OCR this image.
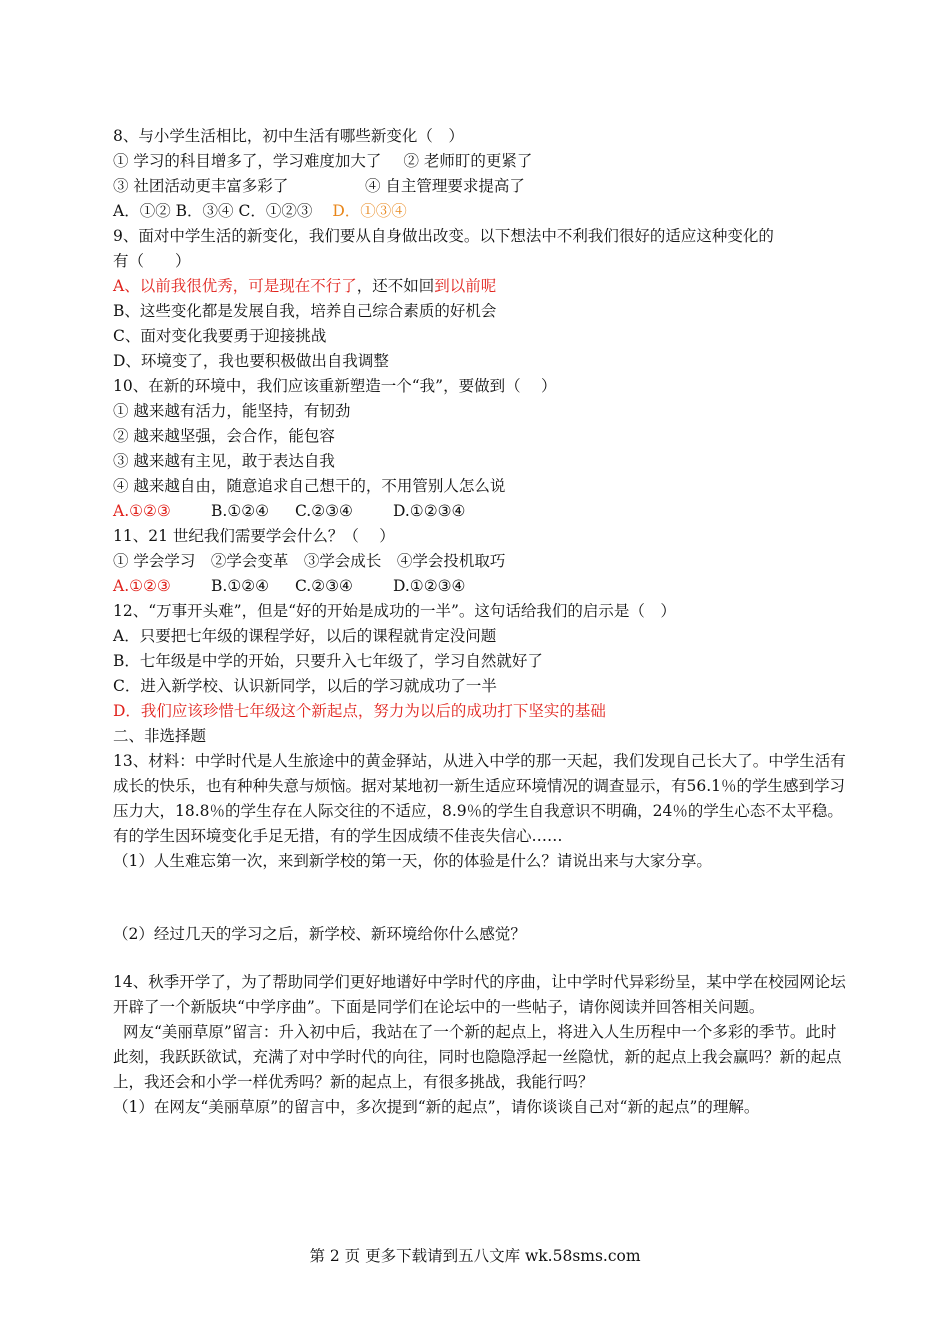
8、与小学生活相比，初中生活有哪些新变化（　）
① 学习的科目增多了，学习难度加大了 ② 老师盯的更紧了
③ 社团活动更丰富多彩了	④ 自主管理要求提高了
A．①② B．③④ C．①②③ D．①③④
9、面对中学生活的新变化，我们要从自身做出改变。以下想法中不利我们很好的适应这种变化的
有（　　）
A、以前我很优秀，可是现在不行了，还不如回到以前呢
B、这些变化都是发展自我，培养自己综合素质的好机会
C、面对变化我要勇于迎接挑战
D、环境变了，我也要积极做出自我调整
10、在新的环境中，我们应该重新塑造一个“我”，要做到（　 ）
① 越来越有活力，能坚持，有韧劲
② 越来越坚强，会合作，能包容
③ 越来越有主见，敢于表达自我
④ 越来越自由，随意追求自己想干的，不用管别人怎么说
A.①②③	B.①②④ C.②③④	D.①②③④
11、21 世纪我们需要学会什么？（　 ）
① 学会学习　②学会变革　③学会成长　④学会投机取巧
A.①②③	B.①②④ C.②③④	D.①②③④
12、“万事开头难”，但是“好的开始是成功的一半”。这句话给我们的启示是（　）
A．只要把七年级的课程学好，以后的课程就肯定没问题
B．七年级是中学的开始，只要升入七年级了，学习自然就好了
C．进入新学校、认识新同学，以后的学习就成功了一半
D．我们应该珍惜七年级这个新起点，努力为以后的成功打下坚实的基础
二、非选择题
13、材料：中学时代是人生旅途中的黄金驿站，从进入中学的那一天起，我们发现自己长大了。中学生活有成长的快乐，也有种种失意与烦恼。据对某地初一新生适应环境情况的调查显示，有56.1％的学生感到学习压力大，18.8％的学生存在人际交往的不适应，8.9％的学生自我意识不明确，24％的学生心态不太平稳。有的学生因环境变化手足无措，有的学生因成绩不佳丧失信心……
（1）人生难忘第一次，来到新学校的第一天，你的体验是什么？请说出来与大家分享。
（2）经过几天的学习之后，新学校、新环境给你什么感觉？
14、秋季开学了，为了帮助同学们更好地谱好中学时代的序曲，让中学时代异彩纷呈，某中学在校园网论坛开辟了一个新版块“中学序曲”。下面是同学们在论坛中的一些帖子，请你阅读并回答相关问题。
网友“美丽草原”留言：升入初中后，我站在了一个新的起点上，将进入人生历程中一个多彩的季节。此时此刻，我跃跃欲试，充满了对中学时代的向往，同时也隐隐浮起一丝隐忧，新的起点上我会赢吗？新的起点上，我还会和小学一样优秀吗？新的起点上，有很多挑战，我能行吗？
（1）在网友“美丽草原”的留言中，多次提到“新的起点”，请你谈谈自己对“新的起点”的理解。
第 2 页 更多下载请到五八文库 wk.58sms.com
